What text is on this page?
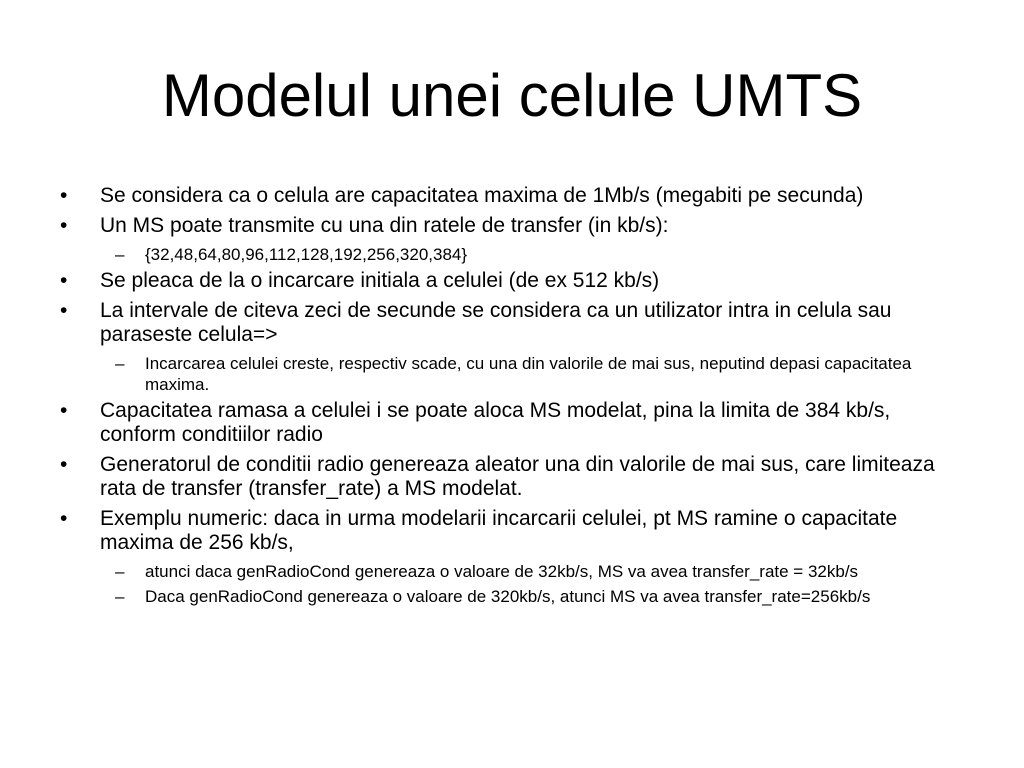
Modelul unei celule UMTS
• Se considera ca o celula are capacitatea maxima de 1Mb/s (megabiti pe secunda)
• Un MS poate transmite cu una din ratele de transfer (in kb/s):
– {32,48,64,80,96,112,128,192,256,320,384}
• Se pleaca de la o incarcare initiala a celulei (de ex 512 kb/s)
• La intervale de citeva zeci de secunde se considera ca un utilizator intra in celula sau paraseste celula=>
– Incarcarea celulei creste, respectiv scade, cu una din valorile de mai sus, neputind depasi capacitatea maxima.
• Capacitatea ramasa a celulei i se poate aloca MS modelat, pina la limita de 384 kb/s, conform conditiilor radio
• Generatorul de conditii radio genereaza aleator una din valorile de mai sus, care limiteaza rata de transfer (transfer_rate) a MS modelat.
• Exemplu numeric: daca in urma modelarii incarcarii celulei, pt MS ramine o capacitate maxima de 256 kb/s,
– atunci daca genRadioCond genereaza o valoare de 32kb/s, MS va avea transfer_rate = 32kb/s
– Daca genRadioCond genereaza o valoare de 320kb/s, atunci MS va avea transfer_rate=256kb/s
